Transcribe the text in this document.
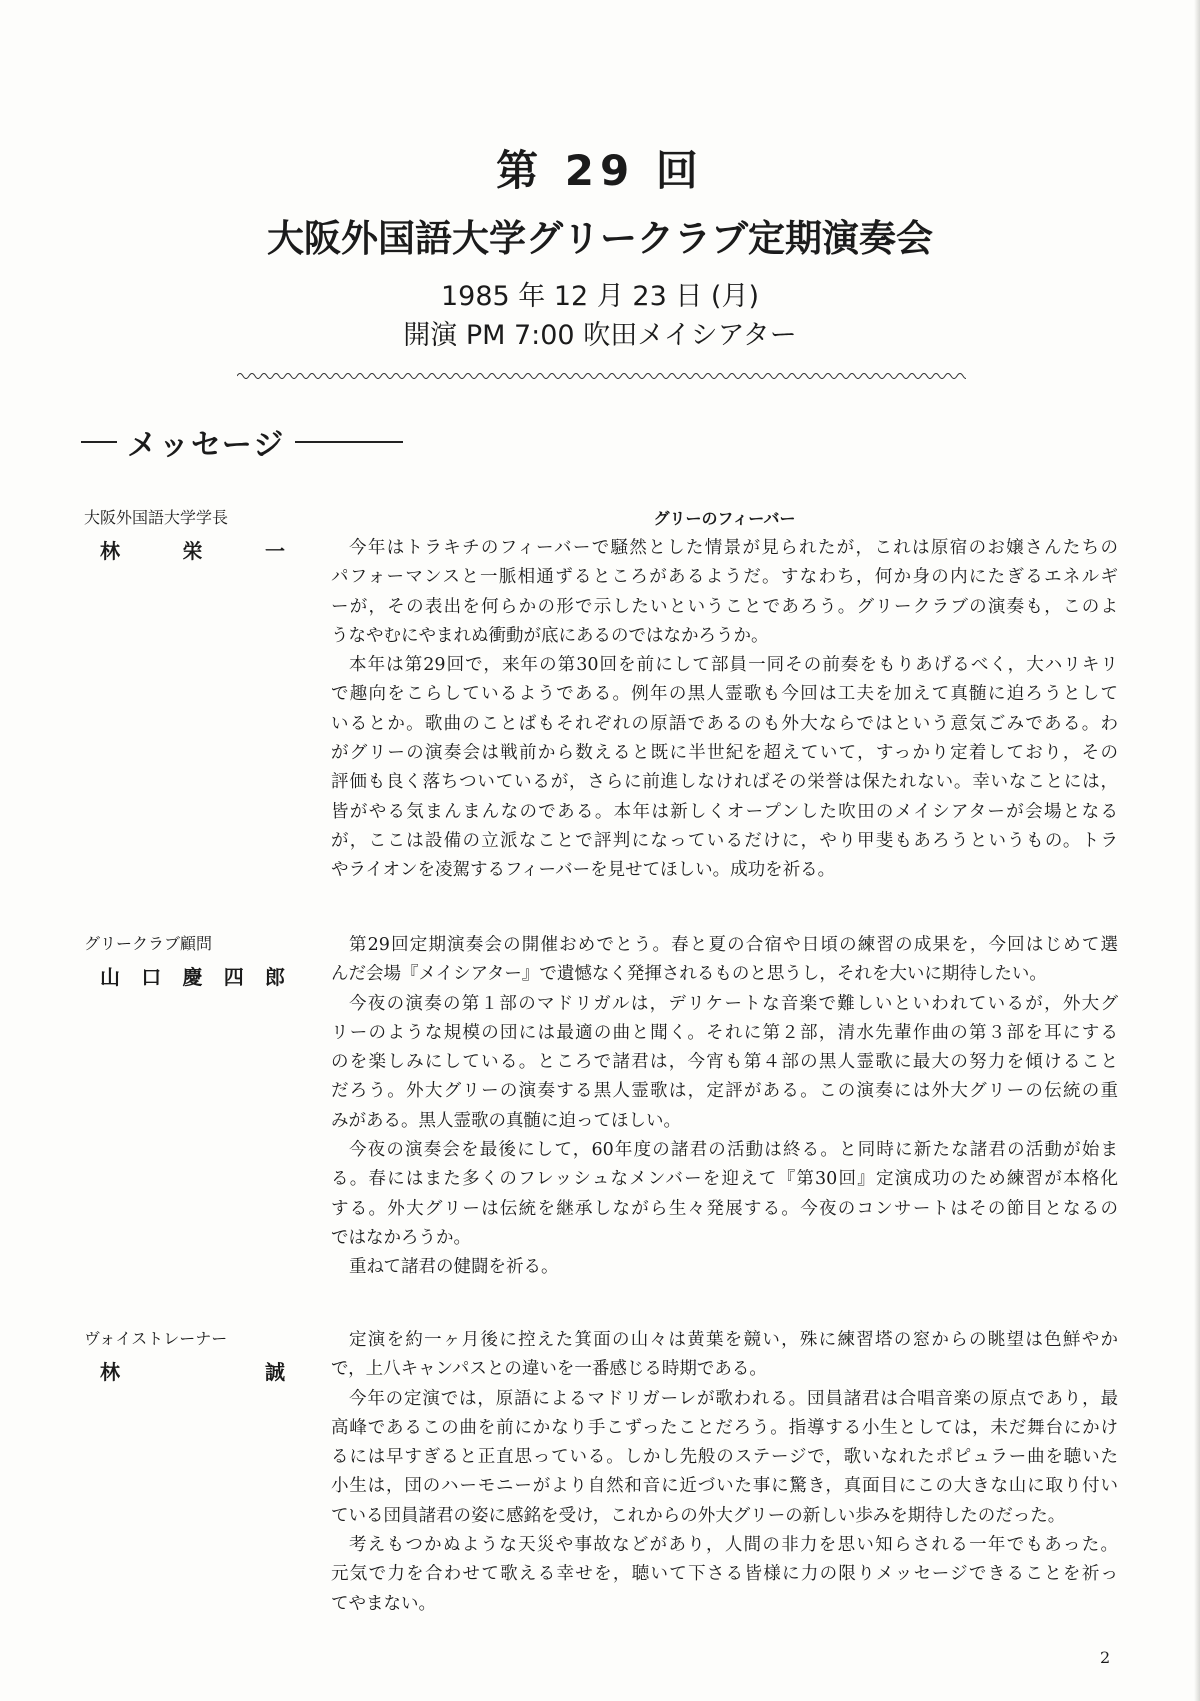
第 29 回
大阪外国語大学グリークラブ定期演奏会
1985 年 12 月 23 日 (月)
開演 PM 7:00 吹田メイシアター
メッセージ
大阪外国語大学学長
林	栄	一
グリーのフィーバー
今年はトラキチのフィーバーで騒然とした情景が見られたが，これは原宿のお嬢さんたちの
パフォーマンスと一脈相通ずるところがあるようだ。すなわち，何か身の内にたぎるエネルギ
ーが，その表出を何らかの形で示したいということであろう。グリークラブの演奏も，このよ
うなやむにやまれぬ衝動が底にあるのではなかろうか。
本年は第29回で，来年の第30回を前にして部員一同その前奏をもりあげるべく，大ハリキリ
で趣向をこらしているようである。例年の黒人霊歌も今回は工夫を加えて真髄に迫ろうとして
いるとか。歌曲のことばもそれぞれの原語であるのも外大ならではという意気ごみである。わ
がグリーの演奏会は戦前から数えると既に半世紀を超えていて，すっかり定着しており，その
評価も良く落ちついているが，さらに前進しなければその栄誉は保たれない。幸いなことには，
皆がやる気まんまんなのである。本年は新しくオープンした吹田のメイシアターが会場となる
が，ここは設備の立派なことで評判になっているだけに，やり甲斐もあろうというもの。トラ
やライオンを凌駕するフィーバーを見せてほしい。成功を祈る。
グリークラブ顧問
山 口 慶 四 郎
第29回定期演奏会の開催おめでとう。春と夏の合宿や日頃の練習の成果を，今回はじめて選
んだ会場『メイシアター』で遺憾なく発揮されるものと思うし，それを大いに期待したい。
今夜の演奏の第１部のマドリガルは，デリケートな音楽で難しいといわれているが，外大グ
リーのような規模の団には最適の曲と聞く。それに第２部，清水先輩作曲の第３部を耳にする
のを楽しみにしている。ところで諸君は，今宵も第４部の黒人霊歌に最大の努力を傾けること
だろう。外大グリーの演奏する黒人霊歌は，定評がある。この演奏には外大グリーの伝統の重
みがある。黒人霊歌の真髄に迫ってほしい。
今夜の演奏会を最後にして，60年度の諸君の活動は終る。と同時に新たな諸君の活動が始ま
る。春にはまた多くのフレッシュなメンバーを迎えて『第30回』定演成功のため練習が本格化
する。外大グリーは伝統を継承しながら生々発展する。今夜のコンサートはその節目となるの
ではなかろうか。
重ねて諸君の健闘を祈る。
ヴォイストレーナー
林	誠
定演を約一ヶ月後に控えた箕面の山々は黄葉を競い，殊に練習塔の窓からの眺望は色鮮やか
で，上八キャンパスとの違いを一番感じる時期である。
今年の定演では，原語によるマドリガーレが歌われる。団員諸君は合唱音楽の原点であり，最
高峰であるこの曲を前にかなり手こずったことだろう。指導する小生としては，未だ舞台にかけ
るには早すぎると正直思っている。しかし先般のステージで，歌いなれたポピュラー曲を聴いた
小生は，団のハーモニーがより自然和音に近づいた事に驚き，真面目にこの大きな山に取り付い
ている団員諸君の姿に感銘を受け，これからの外大グリーの新しい歩みを期待したのだった。
考えもつかぬような天災や事故などがあり，人間の非力を思い知らされる一年でもあった。
元気で力を合わせて歌える幸せを，聴いて下さる皆様に力の限りメッセージできることを祈っ
てやまない。
2
